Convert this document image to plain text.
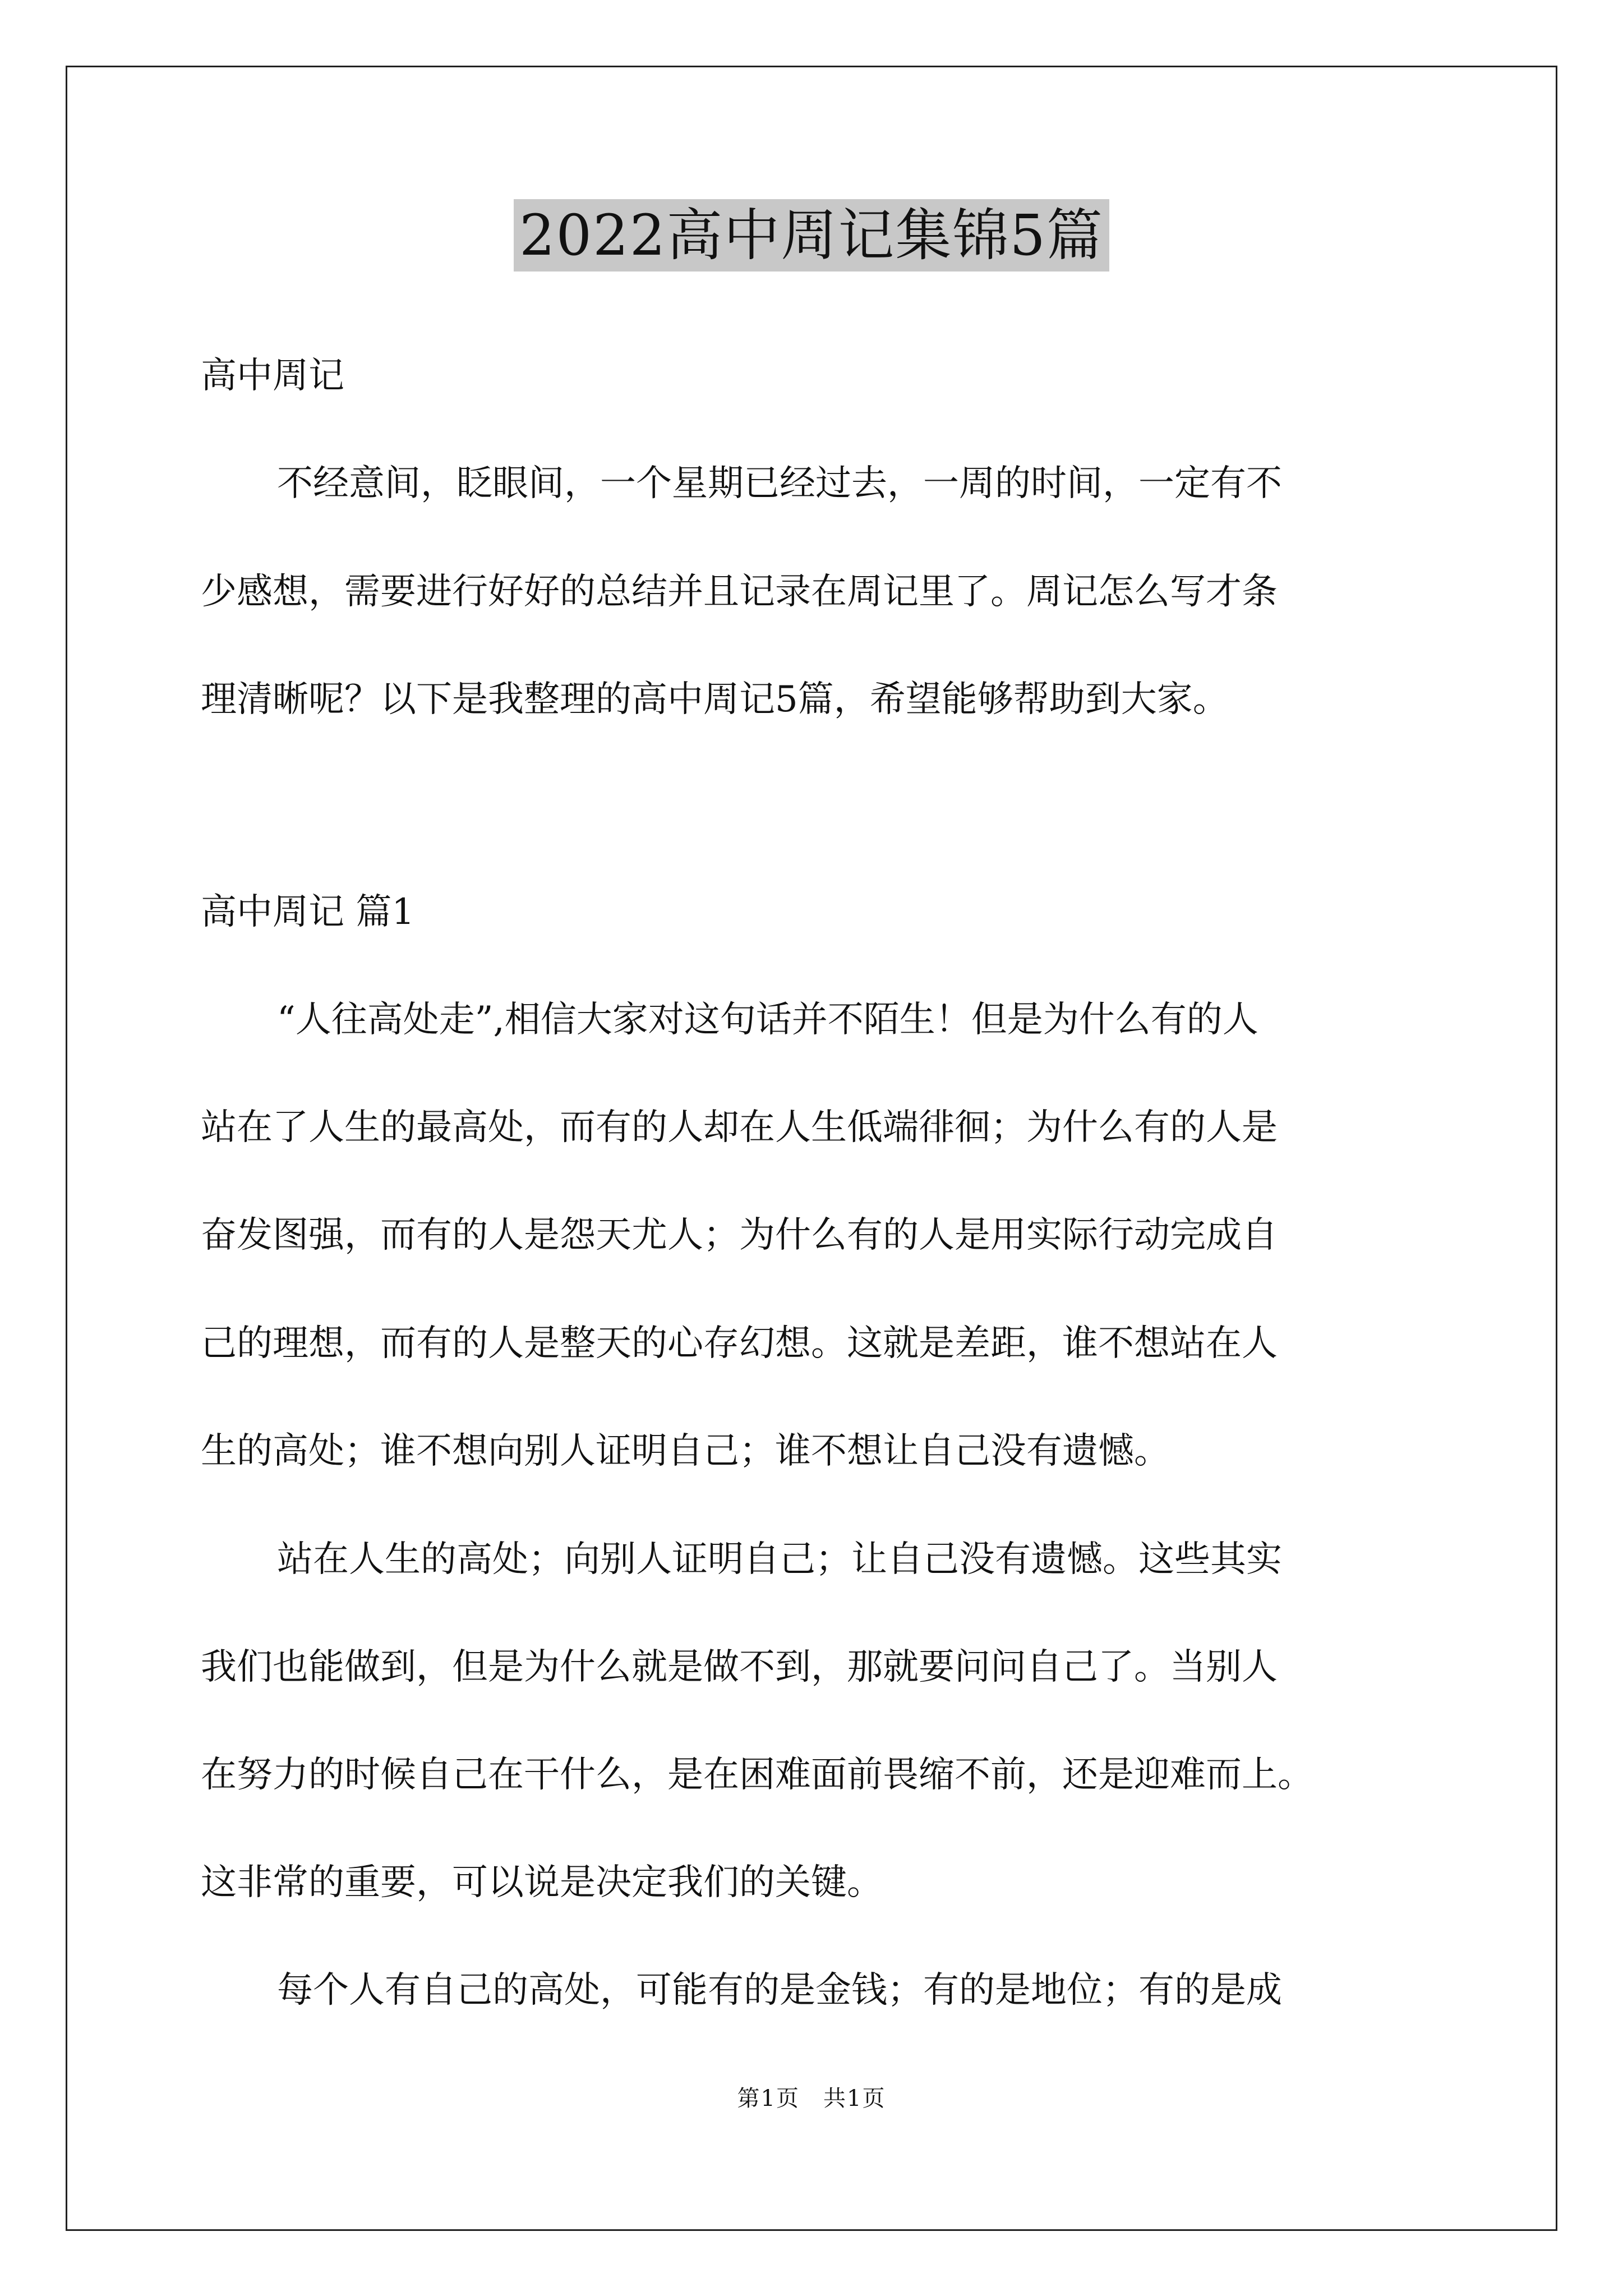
2022高中周记集锦5篇
高中周记
不经意间，眨眼间，一个星期已经过去，一周的时间，一定有不
少感想，需要进行好好的总结并且记录在周记里了。周记怎么写才条
理清晰呢？以下是我整理的高中周记5篇，希望能够帮助到大家。
高中周记 篇1
“人往高处走”,相信大家对这句话并不陌生！但是为什么有的人
站在了人生的最高处，而有的人却在人生低端徘徊；为什么有的人是
奋发图强，而有的人是怨天尤人；为什么有的人是用实际行动完成自
己的理想，而有的人是整天的心存幻想。这就是差距，谁不想站在人
生的高处；谁不想向别人证明自己；谁不想让自己没有遗憾。
站在人生的高处；向别人证明自己；让自己没有遗憾。这些其实
我们也能做到，但是为什么就是做不到，那就要问问自己了。当别人
在努力的时候自己在干什么，是在困难面前畏缩不前，还是迎难而上。
这非常的重要，可以说是决定我们的关键。
每个人有自己的高处，可能有的是金钱；有的是地位；有的是成
第1页　共1页
